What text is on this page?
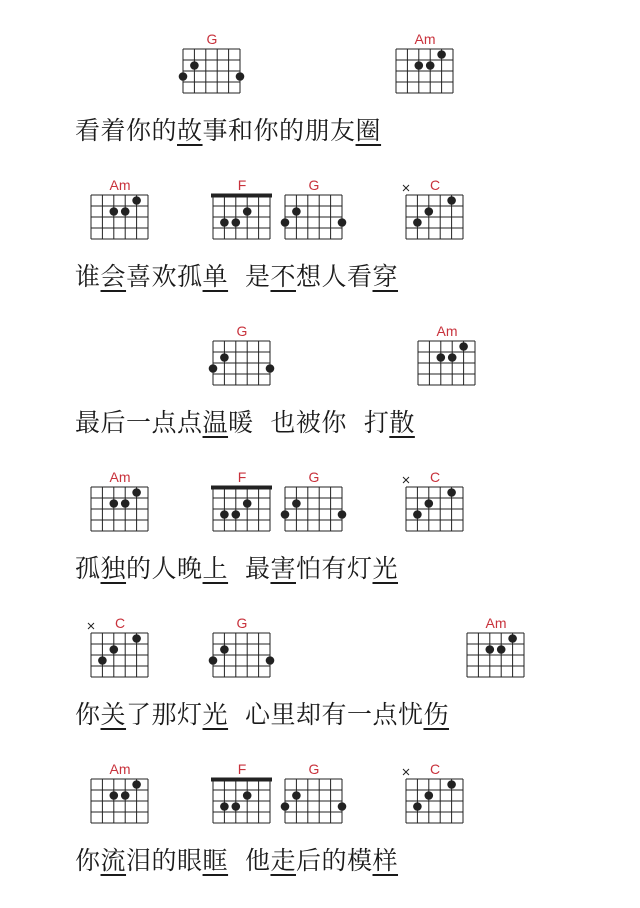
G	Am
看着你的故事和你的朋友圈
Am	F	G	C
谁会喜欢孤单  是不想人看穿
G	Am
最后一点点温暖  也被你  打散
Am	F	G	C
孤独的人晚上  最害怕有灯光
C	G	Am
你关了那灯光  心里却有一点忧伤
Am	F	G	C
你流泪的眼眶  他走后的模样
